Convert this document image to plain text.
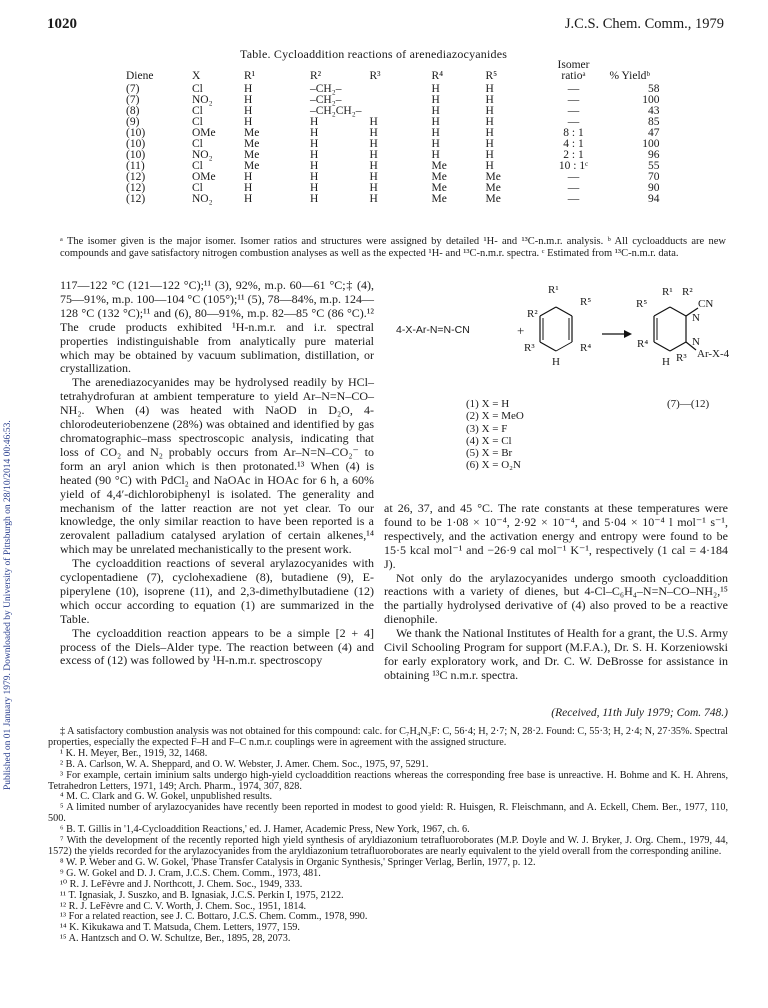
Published on 01 January 1979. Downloaded by University of Pittsburgh on 28/10/2014 00:46:53.
1020	J.C.S. Chem. Comm., 1979
Table. Cycloaddition reactions of arenediazocyanides
Diene	X	R¹	R²	R³	R⁴	R⁵	Isomer ratioᵃ	% Yieldᵇ
(7)	Cl	H	–CH₂–		H	H	—	58
(7)	NO₂	H	–CH₂–		H	H	—	100
(8)	Cl	H	–CH₂CH₂–		H	H	—	43
(9)	Cl	H	H	H	H	H	—	85
(10)	OMe	Me	H	H	H	H	8 : 1	47
(10)	Cl	Me	H	H	H	H	4 : 1	100
(10)	NO₂	Me	H	H	H	H	2 : 1	96
(11)	Cl	Me	H	H	Me	H	10 : 1ᶜ	55
(12)	OMe	H	H	H	Me	Me	—	70
(12)	Cl	H	H	H	Me	Me	—	90
(12)	NO₂	H	H	H	Me	Me	—	94
ᵃ The isomer given is the major isomer. Isomer ratios and structures were assigned by detailed ¹H- and ¹³C-n.m.r. analysis. ᵇ All cycloadducts are new compounds and gave satisfactory nitrogen combustion analyses as well as the expected ¹H- and ¹³C-n.m.r. spectra. ᶜ Estimated from ¹³C-n.m.r. data.

117—122 °C (121—122 °C);¹¹ (3), 92%, m.p. 60—61 °C;‡ (4), 75—91%, m.p. 100—104 °C (105°);¹¹ (5), 78—84%, m.p. 124—128 °C (132 °C);¹¹ and (6), 80—91%, m.p. 82—85 °C (86 °C).¹² The crude products exhibited ¹H-n.m.r. and i.r. spectral properties indistinguishable from analytically pure material which may be obtained by vacuum sublimation, distillation, or crystallization.

The arenediazocyanides may be hydrolysed readily by HCl–tetrahydrofuran at ambient temperature to yield Ar–N=N–CO–NH₂. When (4) was heated with NaOD in D₂O, 4-chlorodeuteriobenzene (28%) was obtained and identified by gas chromatographic–mass spectroscopic analysis, indicating that loss of CO₂ and N₂ probably occurs from Ar–N=N–CO₂⁻ to form an aryl anion which is then protonated.¹³ When (4) is heated (90 °C) with PdCl₂ and NaOAc in HOAc for 6 h, a 60% yield of 4,4′-dichlorobiphenyl is isolated. The generality and mechanism of the latter reaction are not yet clear. To our knowledge, the only similar reaction to have been reported is a zerovalent palladium catalysed arylation of certain alkenes,¹⁴ which may be unrelated mechanistically to the present work.

The cycloaddition reactions of several arylazocyanides with cyclopentadiene (7), cyclohexadiene (8), butadiene (9), E-piperylene (10), isoprene (11), and 2,3-dimethylbutadiene (12) which occur according to equation (1) are summarized in the Table.

The cycloaddition reaction appears to be a simple [2 + 4] process of the Diels–Alder type. The reaction between (4) and excess of (12) was followed by ¹H-n.m.r. spectroscopy

4-X-Ar-N=N-CN	+
R¹
R⁵
R²
R³	R⁴
H
R⁵
R¹ R²
N
CN
N
Ar-X-4
R⁴
H R³
(1) X = H
(2) X = MeO
(3) X = F
(4) X = Cl
(5) X = Br
(6) X = O₂N
(7)—(12)

at 26, 37, and 45 °C. The rate constants at these temperatures were found to be 1·08 × 10⁻⁴, 2·92 × 10⁻⁴, and 5·04 × 10⁻⁴ l mol⁻¹ s⁻¹, respectively, and the activation energy and entropy were found to be 15·5 kcal mol⁻¹ and −26·9 cal mol⁻¹ K⁻¹, respectively (1 cal = 4·184 J).

Not only do the arylazocyanides undergo smooth cycloaddition reactions with a variety of dienes, but 4-Cl–C₆H₄–N=N–CO–NH₂,¹⁵ the partially hydrolysed derivative of (4) also proved to be a reactive dienophile.

We thank the National Institutes of Health for a grant, the U.S. Army Civil Schooling Program for support (M.F.A.), Dr. S. H. Korzeniowski for early exploratory work, and Dr. C. W. DeBrosse for assistance in obtaining ¹³C n.m.r. spectra.

(Received, 11th July 1979; Com. 748.)

‡ A satisfactory combustion analysis was not obtained for this compound: calc. for C₇H₄N₃F: C, 56·4; H, 2·7; N, 28·2. Found: C, 55·3; H, 2·4; N, 27·35%. Spectral properties, especially the expected F–H and F–C n.m.r. couplings were in agreement with the assigned structure.

¹ K. H. Meyer, Ber., 1919, 32, 1468.

² B. A. Carlson, W. A. Sheppard, and O. W. Webster, J. Amer. Chem. Soc., 1975, 97, 5291.

³ For example, certain iminium salts undergo high-yield cycloaddition reactions whereas the corresponding free base is unreactive. H. Bohme and K. H. Ahrens, Tetrahedron Letters, 1971, 149; Arch. Pharm., 1974, 307, 828.

⁴ M. C. Clark and G. W. Gokel, unpublished results.

⁵ A limited number of arylazocyanides have recently been reported in modest to good yield: R. Huisgen, R. Fleischmann, and A. Eckell, Chem. Ber., 1977, 110, 500.

⁶ B. T. Gillis in '1,4-Cycloaddition Reactions,' ed. J. Hamer, Academic Press, New York, 1967, ch. 6.

⁷ With the development of the recently reported high yield synthesis of aryldiazonium tetrafluoroborates (M.P. Doyle and W. J. Bryker, J. Org. Chem., 1979, 44, 1572) the yields recorded for the arylazocyanides from the aryldiazonium tetrafluoroborates are nearly equivalent to the yield overall from the corresponding aniline.

⁸ W. P. Weber and G. W. Gokel, 'Phase Transfer Catalysis in Organic Synthesis,' Springer Verlag, Berlin, 1977, p. 12.

⁹ G. W. Gokel and D. J. Cram, J.C.S. Chem. Comm., 1973, 481.

¹⁰ R. J. LeFèvre and J. Northcott, J. Chem. Soc., 1949, 333.

¹¹ T. Ignasiak, J. Suszko, and B. Ignasiak, J.C.S. Perkin I, 1975, 2122.

¹² R. J. LeFèvre and C. V. Worth, J. Chem. Soc., 1951, 1814.

¹³ For a related reaction, see J. C. Bottaro, J.C.S. Chem. Comm., 1978, 990.

¹⁴ K. Kikukawa and T. Matsuda, Chem. Letters, 1977, 159.

¹⁵ A. Hantzsch and O. W. Schultze, Ber., 1895, 28, 2073.
